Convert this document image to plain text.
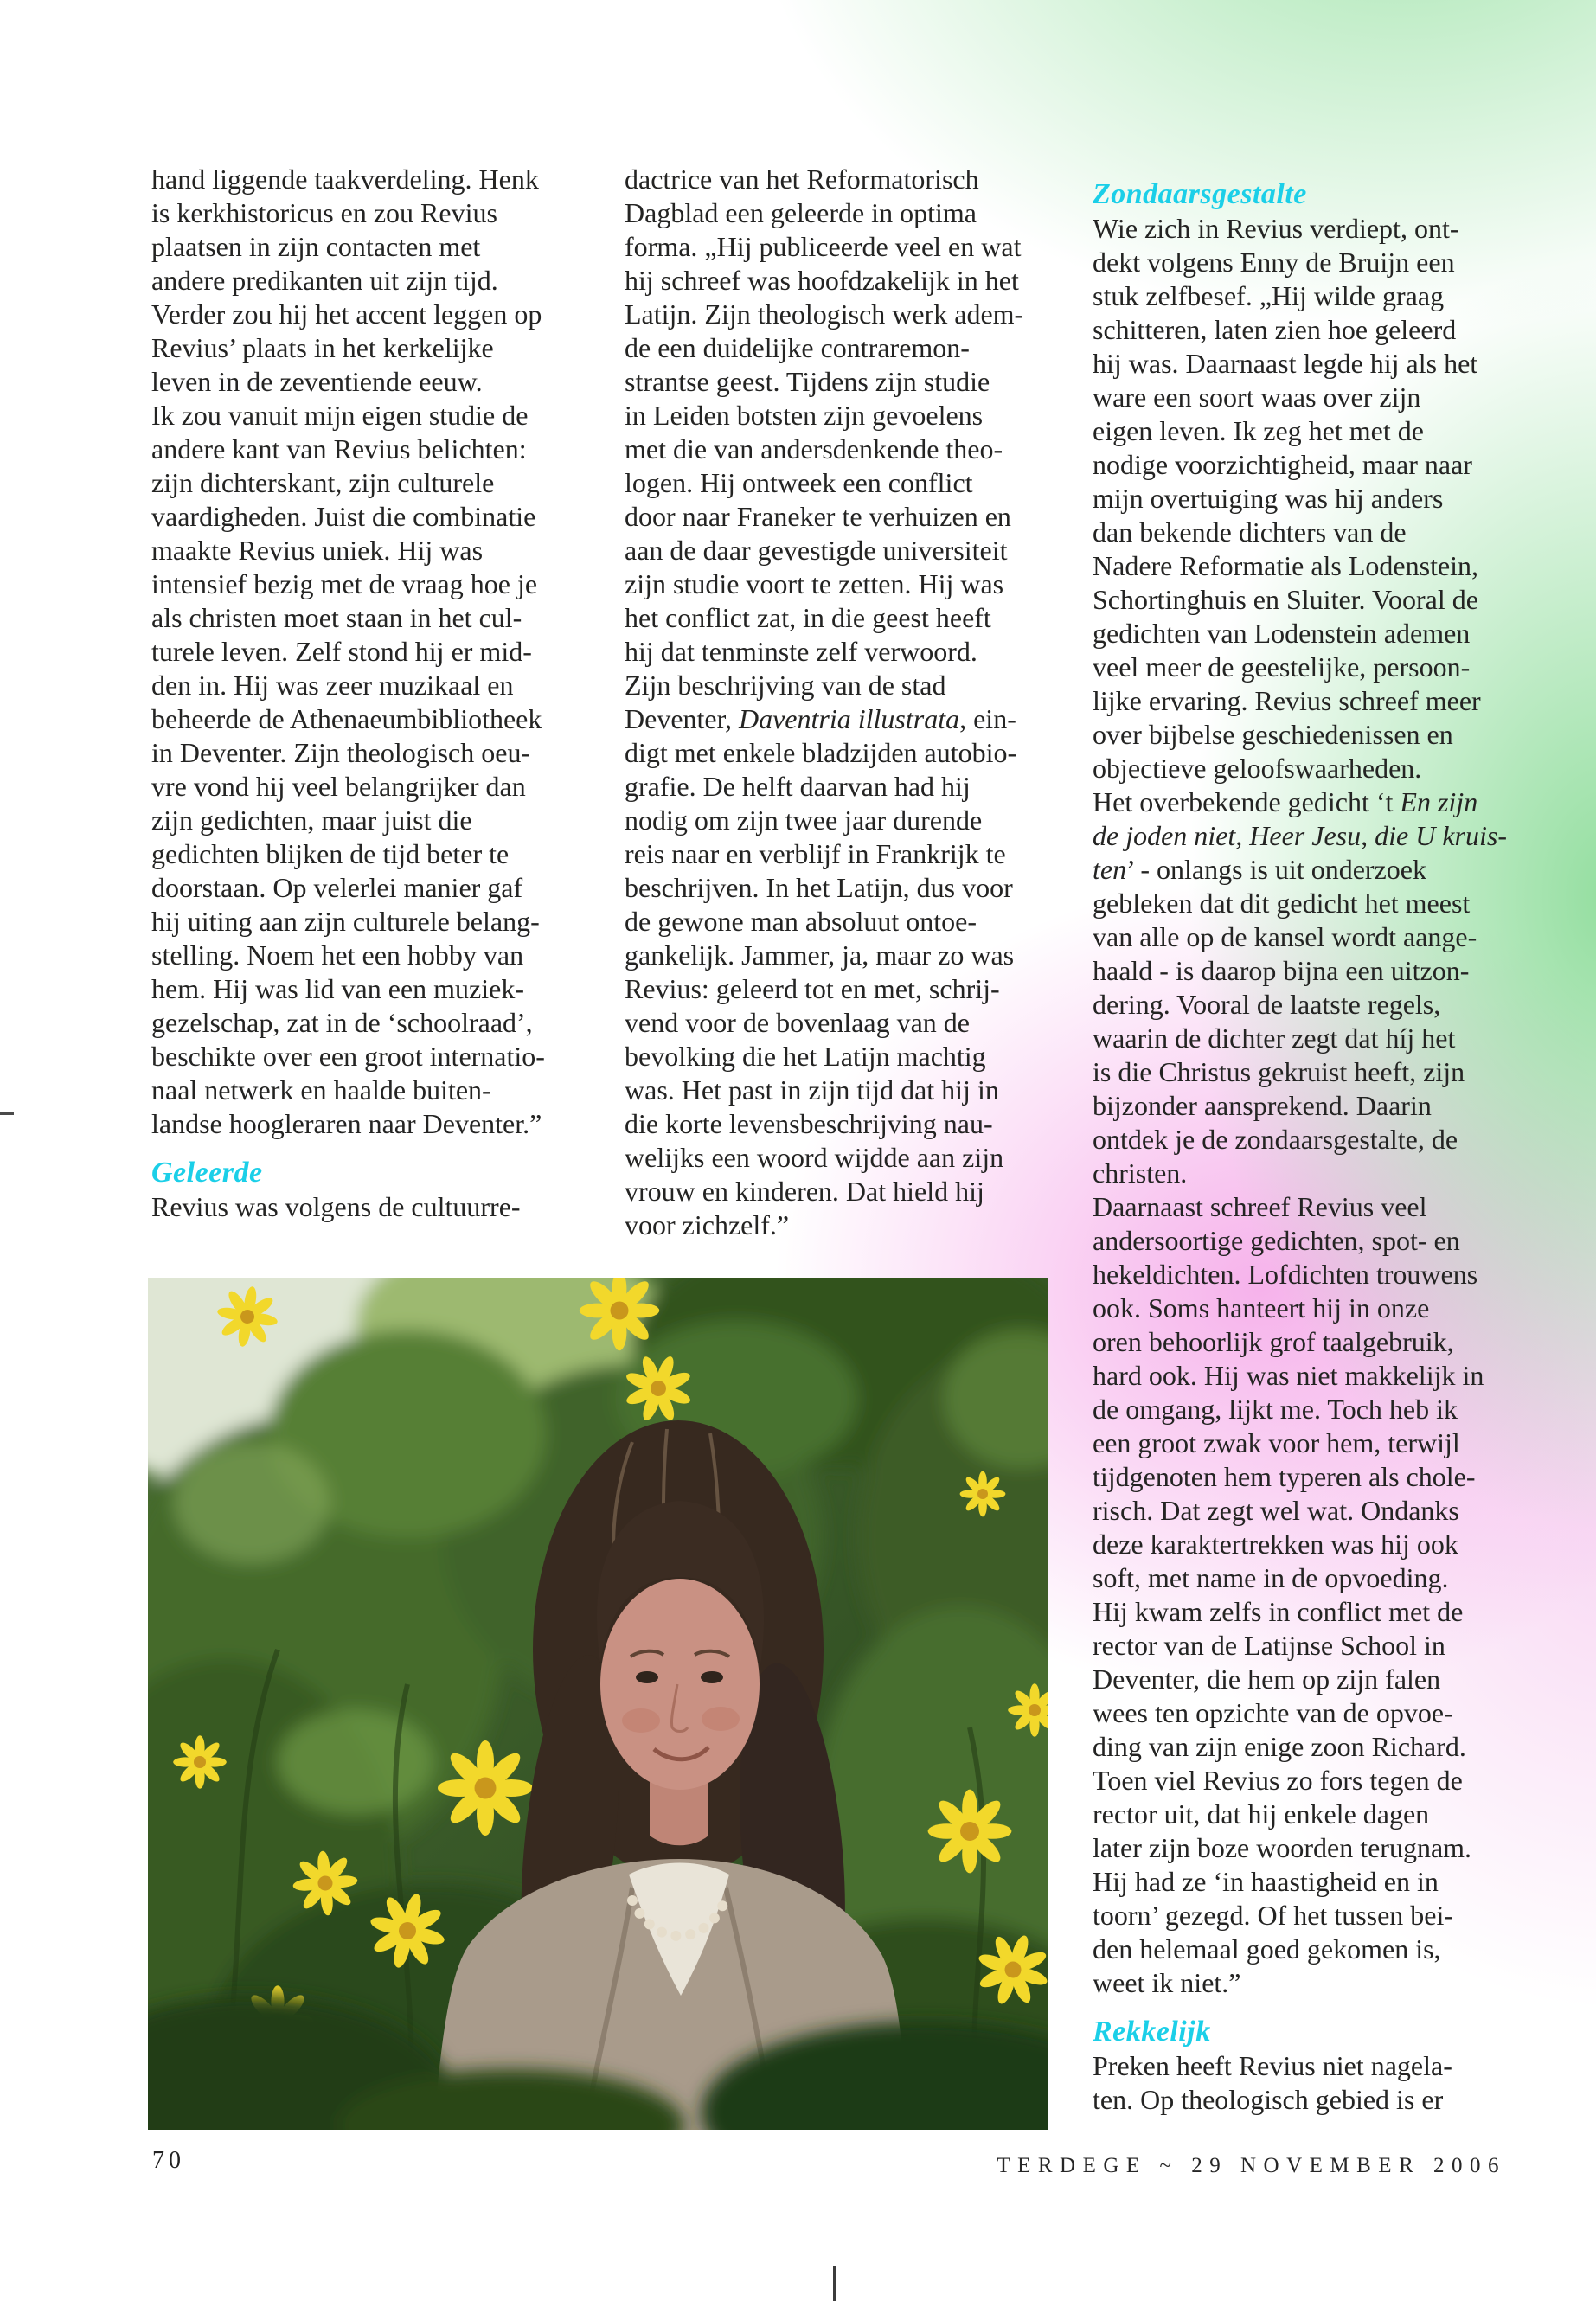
hand liggende taakverdeling. Henk
is kerkhistoricus en zou Revius
plaatsen in zijn contacten met
andere predikanten uit zijn tijd.
Verder zou hij het accent leggen op
Revius’ plaats in het kerkelijke
leven in de zeventiende eeuw.
Ik zou vanuit mijn eigen studie de
andere kant van Revius belichten:
zijn dichterskant, zijn culturele
vaardigheden. Juist die combinatie
maakte Revius uniek. Hij was
intensief bezig met de vraag hoe je
als christen moet staan in het cul-
turele leven. Zelf stond hij er mid-
den in. Hij was zeer muzikaal en
beheerde de Athenaeumbibliotheek
in Deventer. Zijn theologisch oeu-
vre vond hij veel belangrijker dan
zijn gedichten, maar juist die
gedichten blijken de tijd beter te
doorstaan. Op velerlei manier gaf
hij uiting aan zijn culturele belang-
stelling. Noem het een hobby van
hem. Hij was lid van een muziek-
gezelschap, zat in de ‘schoolraad’,
beschikte over een groot internatio-
naal netwerk en haalde buiten-
landse hoogleraren naar Deventer.”
Geleerde
Revius was volgens de cultuurre-
dactrice van het Reformatorisch
Dagblad een geleerde in optima
forma. „Hij publiceerde veel en wat
hij schreef was hoofdzakelijk in het
Latijn. Zijn theologisch werk adem-
de een duidelijke contraremon-
strantse geest. Tijdens zijn studie
in Leiden botsten zijn gevoelens
met die van andersdenkende theo-
logen. Hij ontweek een conflict
door naar Franeker te verhuizen en
aan de daar gevestigde universiteit
zijn studie voort te zetten. Hij was
het conflict zat, in die geest heeft
hij dat tenminste zelf verwoord.
Zijn beschrijving van de stad
Deventer, Daventria illustrata, ein-
digt met enkele bladzijden autobio-
grafie. De helft daarvan had hij
nodig om zijn twee jaar durende
reis naar en verblijf in Frankrijk te
beschrijven. In het Latijn, dus voor
de gewone man absoluut ontoe-
gankelijk. Jammer, ja, maar zo was
Revius: geleerd tot en met, schrij-
vend voor de bovenlaag van de
bevolking die het Latijn machtig
was. Het past in zijn tijd dat hij in
die korte levensbeschrijving nau-
welijks een woord wijdde aan zijn
vrouw en kinderen. Dat hield hij
voor zichzelf.”
Zondaarsgestalte
Wie zich in Revius verdiept, ont-
dekt volgens Enny de Bruijn een
stuk zelfbesef. „Hij wilde graag
schitteren, laten zien hoe geleerd
hij was. Daarnaast legde hij als het
ware een soort waas over zijn
eigen leven. Ik zeg het met de
nodige voorzichtigheid, maar naar
mijn overtuiging was hij anders
dan bekende dichters van de
Nadere Reformatie als Lodenstein,
Schortinghuis en Sluiter. Vooral de
gedichten van Lodenstein ademen
veel meer de geestelijke, persoon-
lijke ervaring. Revius schreef meer
over bijbelse geschiedenissen en
objectieve geloofswaarheden.
Het overbekende gedicht ‘t En zijn
de joden niet, Heer Jesu, die U kruis-
ten’ - onlangs is uit onderzoek
gebleken dat dit gedicht het meest
van alle op de kansel wordt aange-
haald - is daarop bijna een uitzon-
dering. Vooral de laatste regels,
waarin de dichter zegt dat híj het
is die Christus gekruist heeft, zijn
bijzonder aansprekend. Daarin
ontdek je de zondaarsgestalte, de
christen.
Daarnaast schreef Revius veel
andersoortige gedichten, spot- en
hekeldichten. Lofdichten trouwens
ook. Soms hanteert hij in onze
oren behoorlijk grof taalgebruik,
hard ook. Hij was niet makkelijk in
de omgang, lijkt me. Toch heb ik
een groot zwak voor hem, terwijl
tijdgenoten hem typeren als chole-
risch. Dat zegt wel wat. Ondanks
deze karaktertrekken was hij ook
soft, met name in de opvoeding.
Hij kwam zelfs in conflict met de
rector van de Latijnse School in
Deventer, die hem op zijn falen
wees ten opzichte van de opvoe-
ding van zijn enige zoon Richard.
Toen viel Revius zo fors tegen de
rector uit, dat hij enkele dagen
later zijn boze woorden terugnam.
Hij had ze ‘in haastigheid en in
toorn’ gezegd. Of het tussen bei-
den helemaal goed gekomen is,
weet ik niet.”
Rekkelijk
Preken heeft Revius niet nagela-
ten. Op theologisch gebied is er
70	TERDEGE ~ 29 NOVEMBER 2006
